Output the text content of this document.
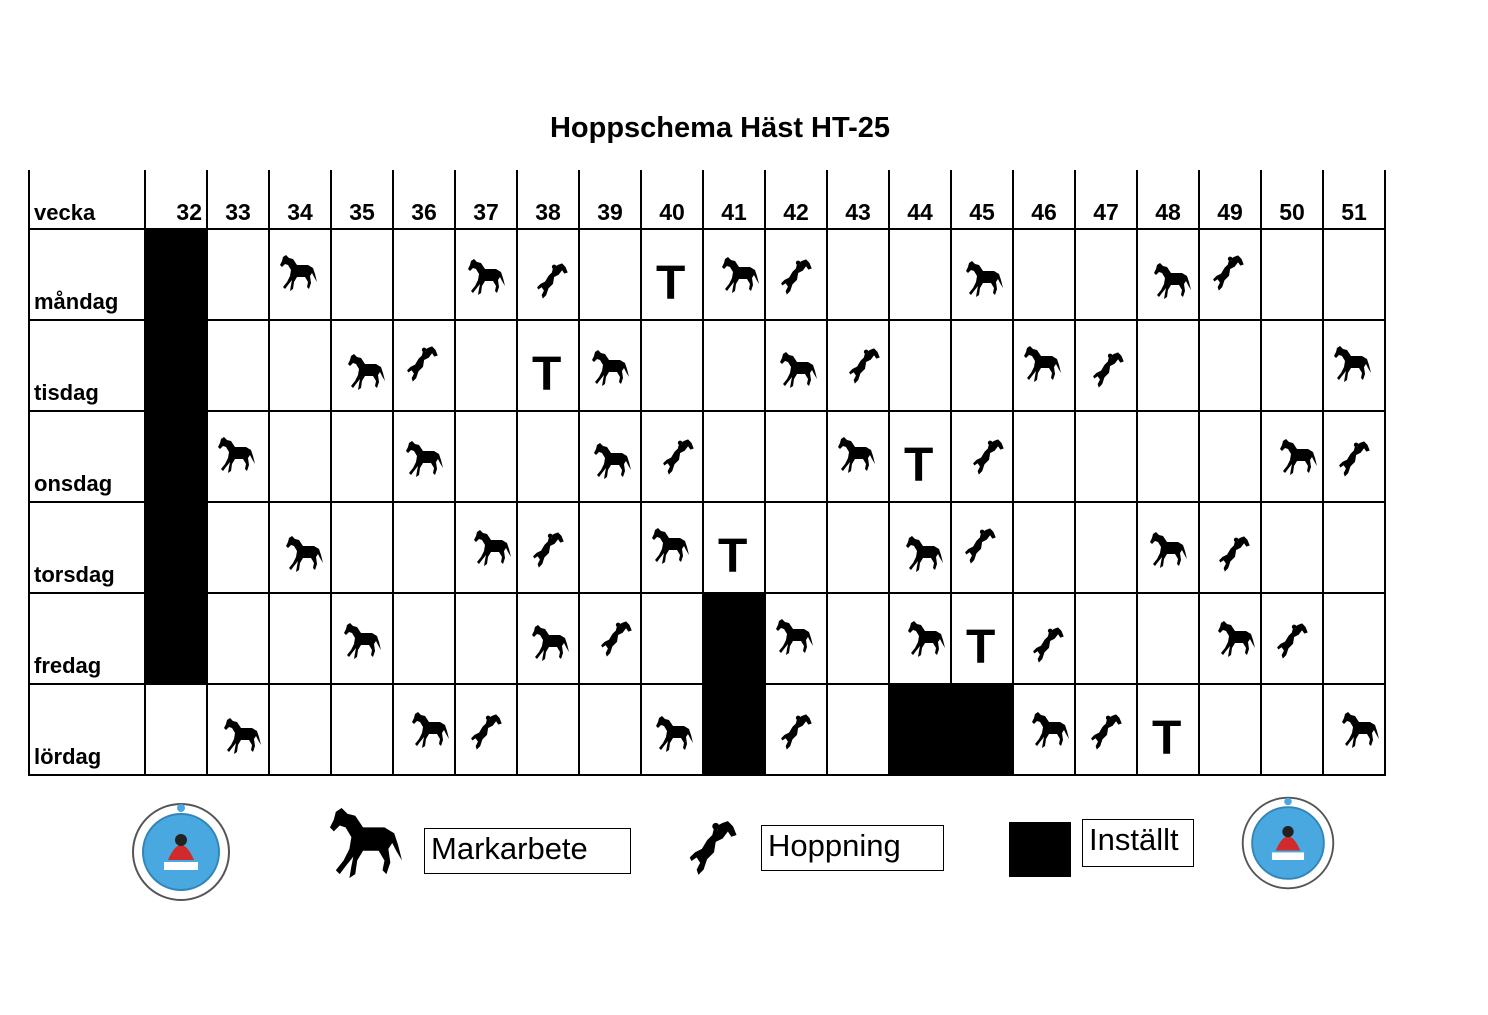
Hoppschema Häst HT-25
vecka	32	33	34	35	36	37	38	39	40	41	42	43	44	45	46	47	48	49	50	51
måndag									T

tisdag							T

onsdag													T

torsdag										T

fredag														T

lördag																	T

Markarbete	Hoppning	Inställt
